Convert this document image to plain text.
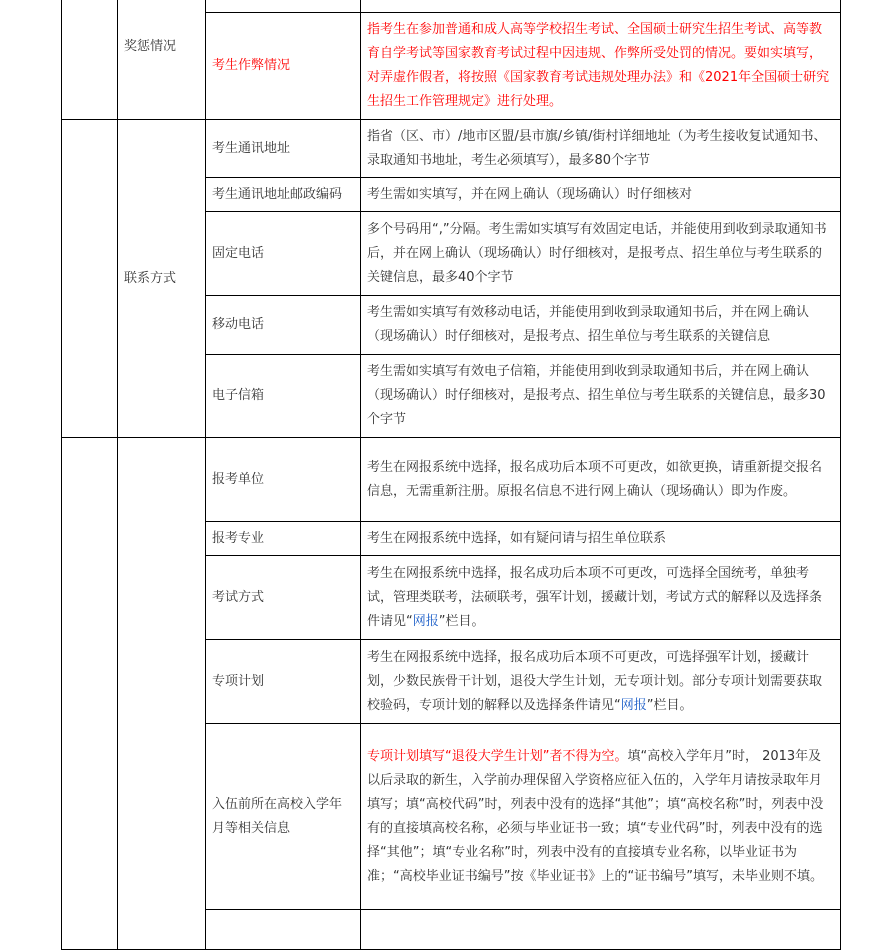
	奖惩情况		
		考生作弊情况	指考生在参加普通和成人高等学校招生考试、全国硕士研究生招生考试、高等教育自学考试等国家教育考试过程中因违规、作弊所受处罚的情况。要如实填写，对弄虚作假者，将按照《国家教育考试违规处理办法》和《2021年全国硕士研究生招生工作管理规定》进行处理。
	联系方式	考生通讯地址	指省（区、市）/地市区盟/县市旗/乡镇/街村详细地址（为考生接收复试通知书、录取通知书地址，考生必须填写），最多80个字节
		考生通讯地址邮政编码	考生需如实填写，并在网上确认（现场确认）时仔细核对
		固定电话	多个号码用“,”分隔。考生需如实填写有效固定电话，并能使用到收到录取通知书后，并在网上确认（现场确认）时仔细核对，是报考点、招生单位与考生联系的关键信息，最多40个字节
		移动电话	考生需如实填写有效移动电话，并能使用到收到录取通知书后，并在网上确认（现场确认）时仔细核对，是报考点、招生单位与考生联系的关键信息
		电子信箱	考生需如实填写有效电子信箱，并能使用到收到录取通知书后，并在网上确认（现场确认）时仔细核对，是报考点、招生单位与考生联系的关键信息，最多30个字节
		报考单位	考生在网报系统中选择，报名成功后本项不可更改，如欲更换，请重新提交报名信息，无需重新注册。原报名信息不进行网上确认（现场确认）即为作废。
		报考专业	考生在网报系统中选择，如有疑问请与招生单位联系
		考试方式	考生在网报系统中选择，报名成功后本项不可更改，可选择全国统考，单独考试，管理类联考，法硕联考，强军计划，援藏计划，考试方式的解释以及选择条件请见“网报”栏目。
		专项计划	考生在网报系统中选择，报名成功后本项不可更改，可选择强军计划，援藏计划，少数民族骨干计划，退役大学生计划，无专项计划。部分专项计划需要获取校验码，专项计划的解释以及选择条件请见“网报”栏目。
		入伍前所在高校入学年月等相关信息	专项计划填写“退役大学生计划”者不得为空。填“高校入学年月”时， 2013年及以后录取的新生，入学前办理保留入学资格应征入伍的，入学年月请按录取年月填写；填“高校代码”时，列表中没有的选择“其他”；填“高校名称”时，列表中没有的直接填高校名称，必须与毕业证书一致；填“专业代码”时，列表中没有的选择“其他”；填“专业名称”时，列表中没有的直接填专业名称，以毕业证书为准；“高校毕业证书编号”按《毕业证书》上的“证书编号”填写，未毕业则不填。
